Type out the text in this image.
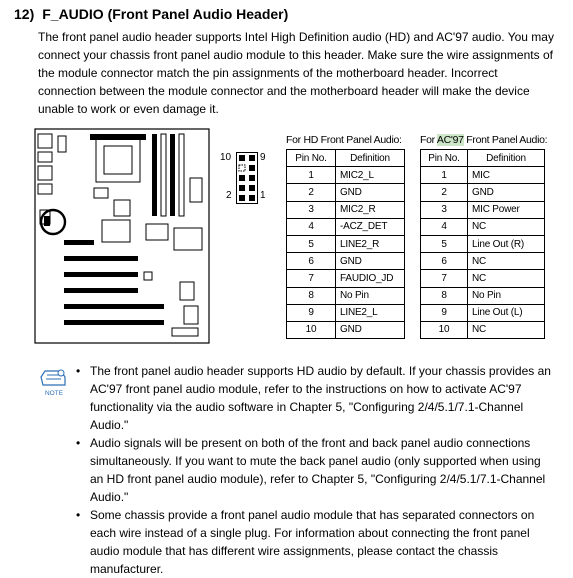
12) F_AUDIO (Front Panel Audio Header)

The front panel audio header supports Intel High Definition audio (HD) and AC'97 audio. You may connect your chassis front panel audio module to this header. Make sure the wire assignments of the module connector match the pin assignments of the motherboard header. Incorrect connection between the module connector and the motherboard header will make the device unable to work or even damage it.

10	9
2	1
For HD Front Panel Audio:
Pin No.	Definition
1	MIC2_L
2	GND
3	MIC2_R
4	-ACZ_DET
5	LINE2_R
6	GND
7	FAUDIO_JD
8	No Pin
9	LINE2_L
10	GND
For AC'97 Front Panel Audio:
Pin No.	Definition
1	MIC
2	GND
3	MIC Power
4	NC
5	Line Out (R)
6	NC
7	NC
8	No Pin
9	Line Out (L)
10	NC
NOTE
• The front panel audio header supports HD audio by default. If your chassis provides an AC'97 front panel audio module, refer to the instructions on how to activate AC'97 functionality via the audio software in Chapter 5, "Configuring 2/4/5.1/7.1-Channel Audio."
• Audio signals will be present on both of the front and back panel audio connections simultaneously. If you want to mute the back panel audio (only supported when using an HD front panel audio module), refer to Chapter 5, "Configuring 2/4/5.1/7.1-Channel Audio."
• Some chassis provide a front panel audio module that has separated connectors on each wire instead of a single plug. For information about connecting the front panel audio module that has different wire assignments, please contact the chassis manufacturer.
